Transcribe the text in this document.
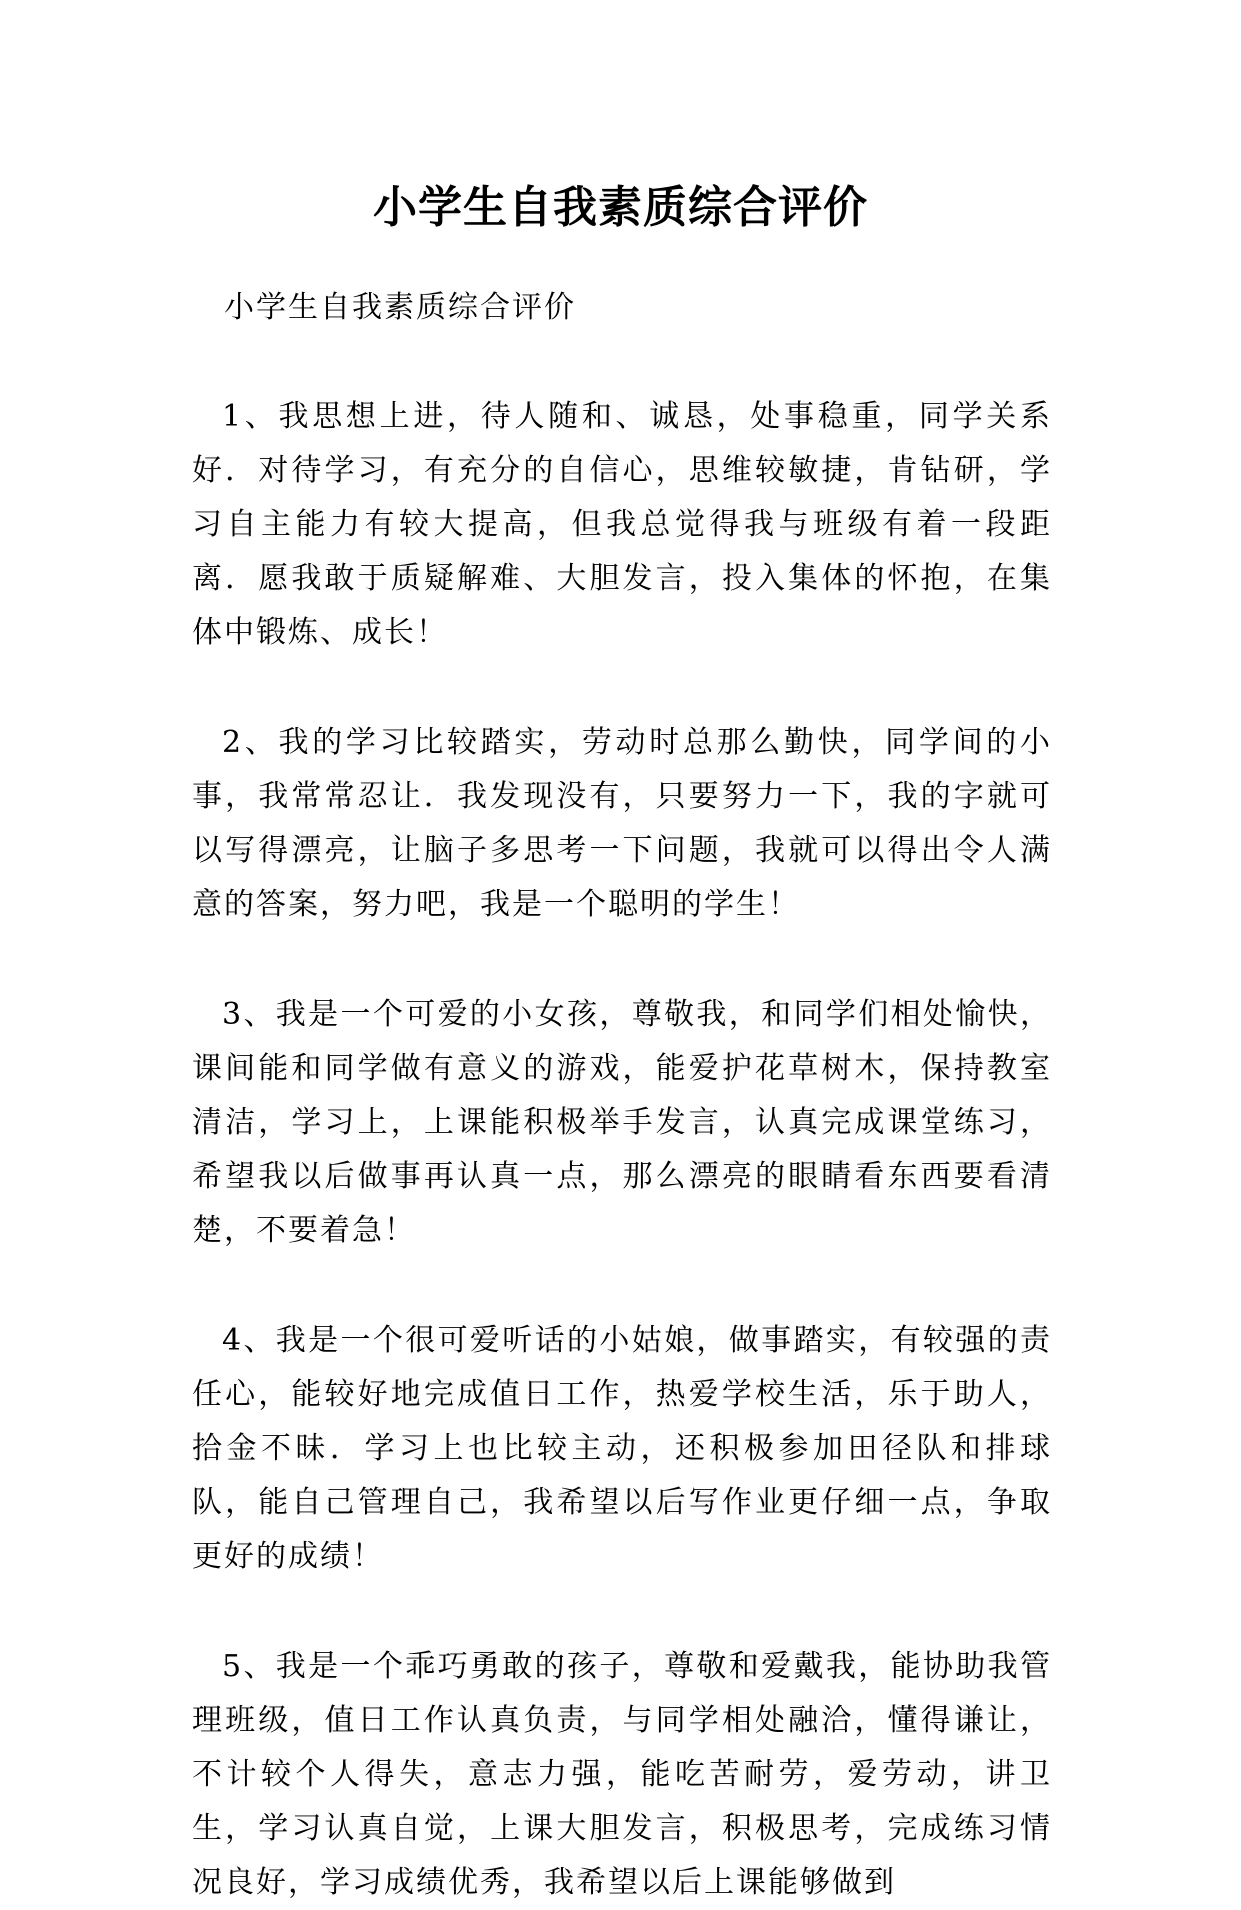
小学生自我素质综合评价

小学生自我素质综合评价

1、我思想上进，待人随和、诚恳，处事稳重，同学关系好．对待学习，有充分的自信心，思维较敏捷，肯钻研，学习自主能力有较大提高，但我总觉得我与班级有着一段距离．愿我敢于质疑解难、大胆发言，投入集体的怀抱，在集体中锻炼、成长！

2、我的学习比较踏实，劳动时总那么勤快，同学间的小事，我常常忍让．我发现没有，只要努力一下，我的字就可以写得漂亮，让脑子多思考一下问题，我就可以得出令人满意的答案，努力吧，我是一个聪明的学生！

3、我是一个可爱的小女孩，尊敬我，和同学们相处愉快，课间能和同学做有意义的游戏，能爱护花草树木，保持教室清洁，学习上，上课能积极举手发言，认真完成课堂练习，希望我以后做事再认真一点，那么漂亮的眼睛看东西要看清楚，不要着急！

4、我是一个很可爱听话的小姑娘，做事踏实，有较强的责任心，能较好地完成值日工作，热爱学校生活，乐于助人，拾金不昧．学习上也比较主动，还积极参加田径队和排球队，能自己管理自己，我希望以后写作业更仔细一点，争取更好的成绩！

5、我是一个乖巧勇敢的孩子，尊敬和爱戴我，能协助我管理班级，值日工作认真负责，与同学相处融洽，懂得谦让，不计较个人得失，意志力强，能吃苦耐劳，爱劳动，讲卫生，学习认真自觉，上课大胆发言，积极思考，完成练习情况良好，学习成绩优秀，我希望以后上课能够做到
